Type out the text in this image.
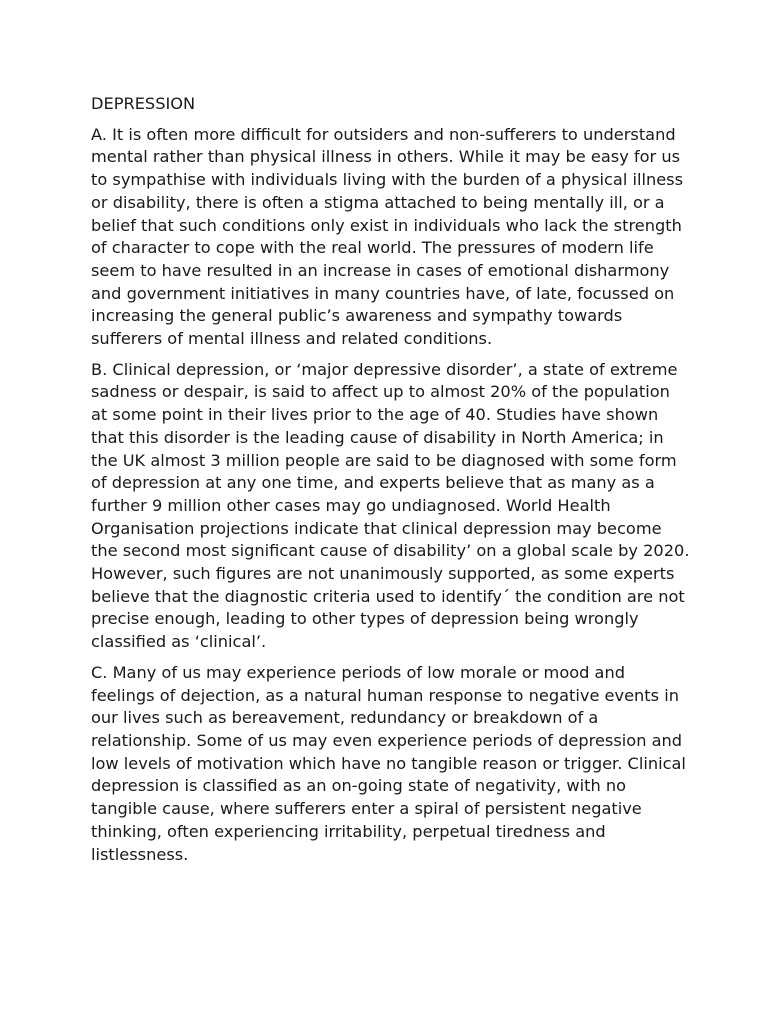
DEPRESSION

A. It is often more difficult for outsiders and non-sufferers to understand mental rather than physical illness in others. While it may be easy for us to sympathise with individuals living with the burden of a physical illness or disability, there is often a stigma attached to being mentally ill, or a belief that such conditions only exist in individuals who lack the strength of character to cope with the real world. The pressures of modern life seem to have resulted in an increase in cases of emotional disharmony and government initiatives in many countries have, of late, focussed on increasing the general public’s awareness and sympathy towards sufferers of mental illness and related conditions.

B. Clinical depression, or ‘major depressive disorder’, a state of extreme sadness or despair, is said to affect up to almost 20% of the population at some point in their lives prior to the age of 40. Studies have shown that this disorder is the leading cause of disability in North America; in the UK almost 3 million people are said to be diagnosed with some form of depression at any one time, and experts believe that as many as a further 9 million other cases may go undiagnosed. World Health Organisation projections indicate that clinical depression may become the second most significant cause of disability’ on a global scale by 2020. However, such figures are not unanimously supported, as some experts believe that the diagnostic criteria used to identify´ the condition are not precise enough, leading to other types of depression being wrongly classified as ‘clinical’.

C. Many of us may experience periods of low morale or mood and feelings of dejection, as a natural human response to negative events in our lives such as bereavement, redundancy or breakdown of a relationship. Some of us may even experience periods of depression and low levels of motivation which have no tangible reason or trigger. Clinical depression is classified as an on-going state of negativity, with no tangible cause, where sufferers enter a spiral of persistent negative thinking, often experiencing irritability, perpetual tiredness and listlessness.
